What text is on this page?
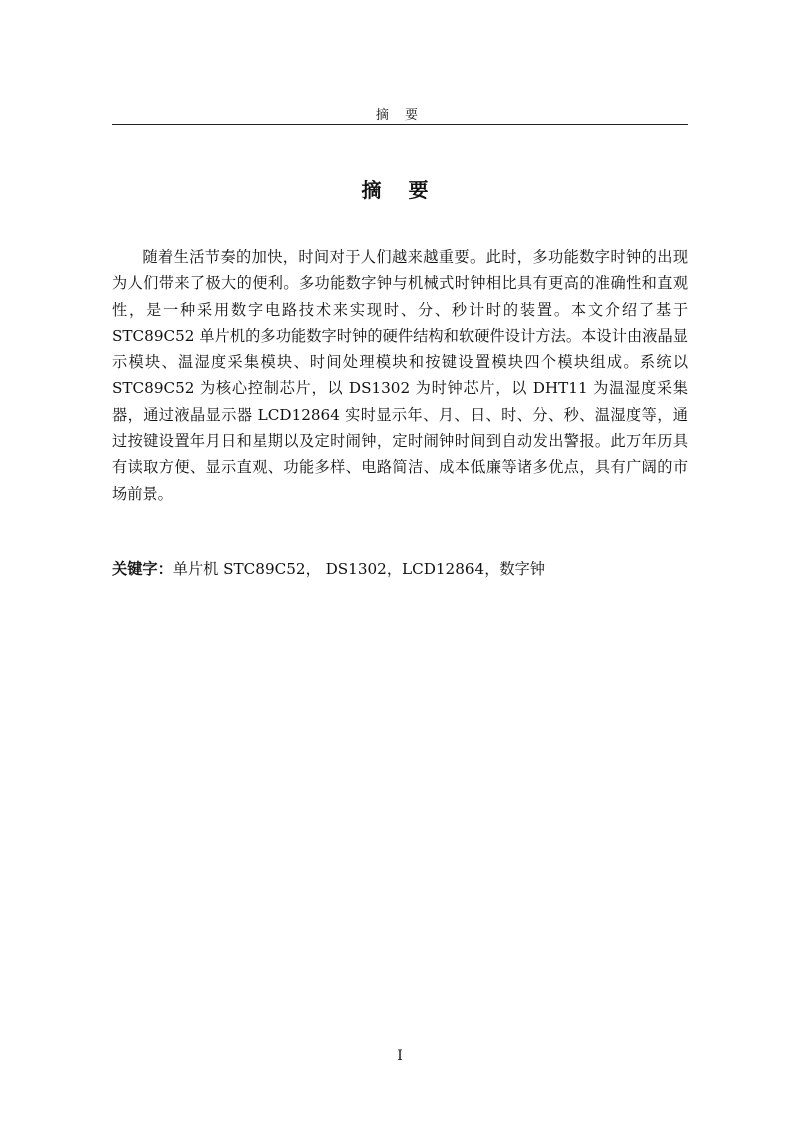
摘 要
摘 要

随着生活节奏的加快，时间对于人们越来越重要。此时，多功能数字时钟的出现为人们带来了极大的便利。多功能数字钟与机械式时钟相比具有更高的准确性和直观性，是一种采用数字电路技术来实现时、分、秒计时的装置。本文介绍了基于 STC89C52 单片机的多功能数字时钟的硬件结构和软硬件设计方法。本设计由液晶显示模块、温湿度采集模块、时间处理模块和按键设置模块四个模块组成。系统以 STC89C52 为核心控制芯片，以 DS1302 为时钟芯片，以 DHT11 为温湿度采集器，通过液晶显示器 LCD12864 实时显示年、月、日、时、分、秒、温湿度等，通过按键设置年月日和星期以及定时闹钟，定时闹钟时间到自动发出警报。此万年历具有读取方便、显示直观、功能多样、电路简洁、成本低廉等诸多优点，具有广阔的市场前景。

关键字：单片机 STC89C52， DS1302，LCD12864，数字钟
I
